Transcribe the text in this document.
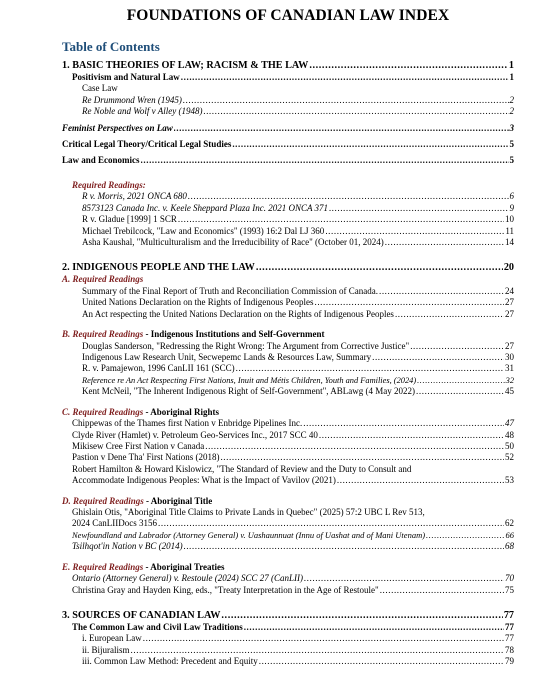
FOUNDATIONS OF CANADIAN LAW INDEX
Table of Contents
1. BASIC THEORIES OF LAW; RACISM & THE LAW .....	1
Positivism and Natural Law .....	1
Case Law
Re Drummond Wren (1945) .....	2
Re Noble and Wolf v Alley (1948) .....	2
Feminist Perspectives on Law .....	3
Critical Legal Theory/Critical Legal Studies .....	5
Law and Economics .....	5
Required Readings:
R v. Morris, 2021 ONCA 680 .....	6
8573123 Canada Inc. v. Keele Sheppard Plaza Inc. 2021 ONCA 371 .....	9
R v. Gladue [1999] 1 SCR .....	10
Michael Trebilcock, "Law and Economics" (1993) 16:2 Dal LJ 360 .....	11
Asha Kaushal, "Multiculturalism and the Irreducibility of Race" (October 01, 2024) .....	14
2. INDIGENOUS PEOPLE AND THE LAW .....	20
A. Required Readings
Summary of the Final Report of Truth and Reconciliation Commission of Canada. .....	24
United Nations Declaration on the Rights of Indigenous Peoples .....	27
An Act respecting the United Nations Declaration on the Rights of Indigenous Peoples .....	27
B. Required Readings - Indigenous Institutions and Self-Government
Douglas Sanderson, "Redressing the Right Wrong: The Argument from Corrective Justice" .....	27
Indigenous Law Research Unit, Secwepemc Lands & Resources Law, Summary .....	30
R. v. Pamajewon, 1996 CanLII 161 (SCC) .....	31
Reference re An Act Respecting First Nations, Inuit and Métis Children, Youth and Families, (2024) .....	32
Kent McNeil, "The Inherent Indigenous Right of Self-Government", ABLawg (4 May 2022) .....	45
C. Required Readings - Aboriginal Rights
Chippewas of the Thames first Nation v Enbridge Pipelines Inc. .....	47
Clyde River (Hamlet) v. Petroleum Geo-Services Inc., 2017 SCC 40 .....	48
Mikisew Cree First Nation v Canada .....	50
Pastion v Dene Tha' First Nations (2018) .....	52
Robert Hamilton & Howard Kislowicz, "The Standard of Review and the Duty to Consult and
Accommodate Indigenous Peoples: What is the Impact of Vavilov (2021) .....	53
D. Required Readings - Aboriginal Title
Ghislain Otis, "Aboriginal Title Claims to Private Lands in Quebec" (2025) 57:2 UBC L Rev 513,
2024 CanLIIDocs 3156 .....	62
Newfoundland and Labrador (Attorney General) v. Uashaunnuat (Innu of Uashat and of Mani Utenam) .....	66
Tsilhqot'in Nation v BC (2014) .....	68
E. Required Readings - Aboriginal Treaties
Ontario (Attorney General) v. Restoule (2024) SCC 27 (CanLII) .....	70
Christina Gray and Hayden King, eds., "Treaty Interpretation in the Age of Restoule" .....	75
3. SOURCES OF CANADIAN LAW .....	77
The Common Law and Civil Law Traditions .....	77
i. European Law .....	77
ii. Bijuralism .....	78
iii. Common Law Method: Precedent and Equity .....	79
